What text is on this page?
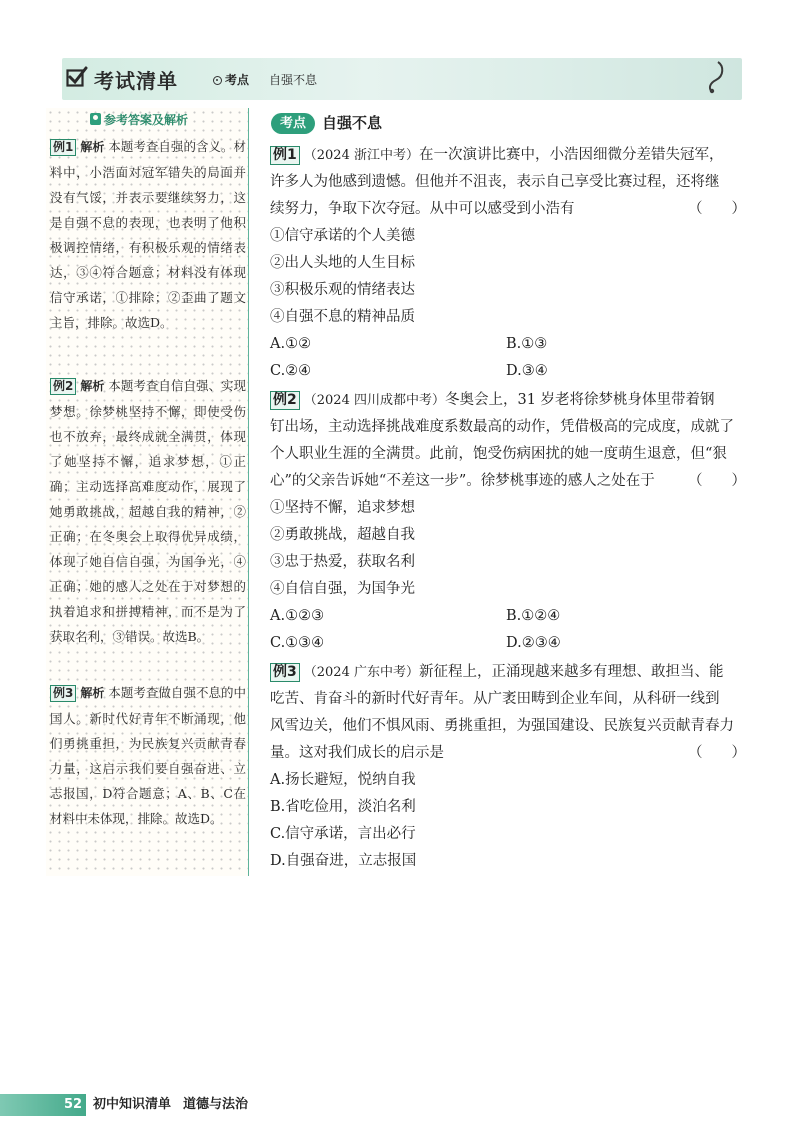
考试清单	考点 自强不息
参考答案及解析
例1 解析 本题考查自强的含义。材料中，小浩面对冠军错失的局面并没有气馁，并表示要继续努力，这是自强不息的表现，也表明了他积极调控情绪，有积极乐观的情绪表达，③④符合题意；材料没有体现信守承诺，①排除；②歪曲了题文主旨，排除。故选D。
例2 解析 本题考查自信自强、实现梦想。徐梦桃坚持不懈，即使受伤也不放弃，最终成就全满贯，体现了她坚持不懈，追求梦想，①正确；主动选择高难度动作，展现了她勇敢挑战，超越自我的精神，②正确；在冬奥会上取得优异成绩，体现了她自信自强，为国争光，④正确；她的感人之处在于对梦想的执着追求和拼搏精神，而不是为了获取名利，③错误。故选B。
例3 解析 本题考查做自强不息的中国人。新时代好青年不断涌现，他们勇挑重担，为民族复兴贡献青春力量，这启示我们要自强奋进、立志报国，D符合题意；A、B、C在材料中未体现，排除。故选D。
考点	自强不息
例1 （2024 浙江中考）在一次演讲比赛中，小浩因细微分差错失冠军，
许多人为他感到遗憾。但他并不沮丧，表示自己享受比赛过程，还将继
续努力，争取下次夺冠。从中可以感受到小浩有	（　　）
①信守承诺的个人美德
②出人头地的人生目标
③积极乐观的情绪表达
④自强不息的精神品质
A.①②	B.①③
C.②④	D.③④
例2 （2024 四川成都中考）冬奥会上，31 岁老将徐梦桃身体里带着钢
钉出场，主动选择挑战难度系数最高的动作，凭借极高的完成度，成就了
个人职业生涯的全满贯。此前，饱受伤病困扰的她一度萌生退意，但“狠
心”的父亲告诉她“不差这一步”。徐梦桃事迹的感人之处在于 （　　）
①坚持不懈，追求梦想
②勇敢挑战，超越自我
③忠于热爱，获取名利
④自信自强，为国争光
A.①②③	B.①②④
C.①③④	D.②③④
例3 （2024 广东中考）新征程上，正涌现越来越多有理想、敢担当、能
吃苦、肯奋斗的新时代好青年。从广袤田畴到企业车间，从科研一线到
风雪边关，他们不惧风雨、勇挑重担，为强国建设、民族复兴贡献青春力
量。这对我们成长的启示是	（　　）
A.扬长避短，悦纳自我
B.省吃俭用，淡泊名利
C.信守承诺，言出必行
D.自强奋进，立志报国
52 初中知识清单 道德与法治
